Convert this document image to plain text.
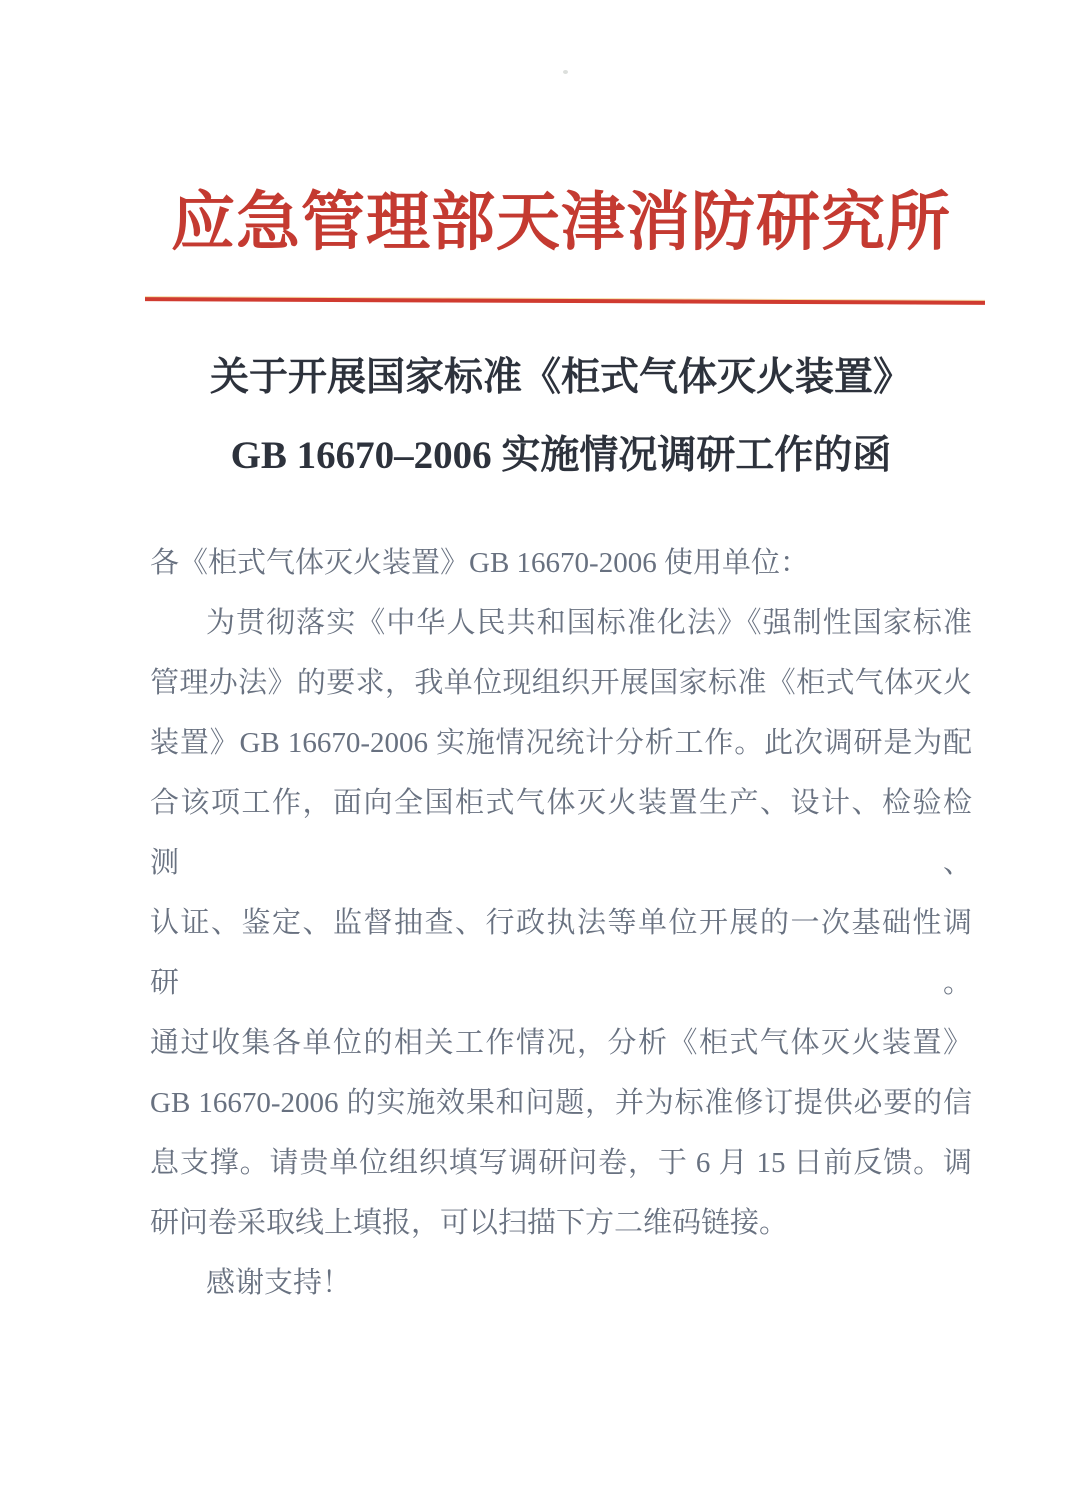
应急管理部天津消防研究所
关于开展国家标准《柜式气体灭火装置》
GB 16670–2006 实施情况调研工作的函
各《柜式气体灭火装置》GB 16670-2006 使用单位：
为贯彻落实《中华人民共和国标准化法》《强制性国家标准
管理办法》的要求，我单位现组织开展国家标准《柜式气体灭火
装置》GB 16670-2006 实施情况统计分析工作。此次调研是为配
合该项工作，面向全国柜式气体灭火装置生产、设计、检验检测、
认证、鉴定、监督抽查、行政执法等单位开展的一次基础性调研。
通过收集各单位的相关工作情况，分析《柜式气体灭火装置》
GB 16670-2006 的实施效果和问题，并为标准修订提供必要的信
息支撑。请贵单位组织填写调研问卷，于 6 月 15 日前反馈。调
研问卷采取线上填报，可以扫描下方二维码链接。
感谢支持！
